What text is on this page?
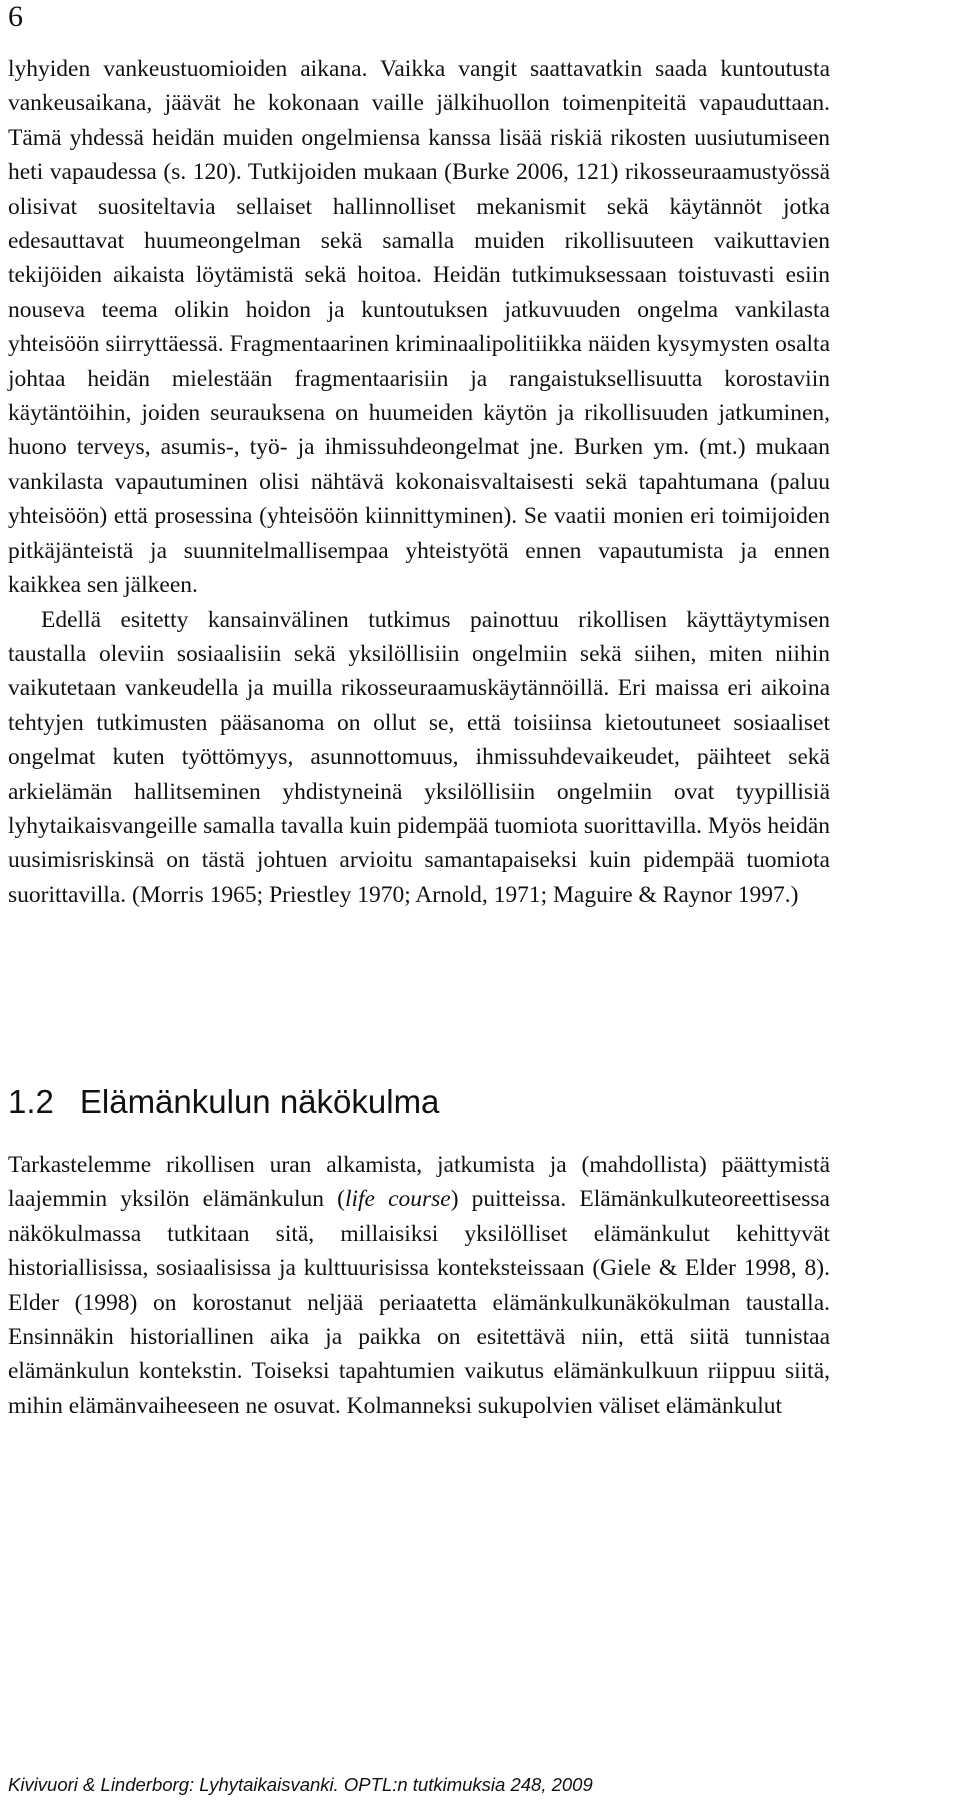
6

lyhyiden vankeustuomioiden aikana. Vaikka vangit saattavatkin saada kuntoutusta vankeusaikana, jäävät he kokonaan vaille jälkihuollon toimenpiteitä vapauduttaan. Tämä yhdessä heidän muiden ongelmiensa kanssa lisää riskiä rikosten uusiutumiseen heti vapaudessa (s. 120). Tutkijoiden mukaan (Burke 2006, 121) rikosseuraamustyössä olisivat suositeltavia sellaiset hallinnolliset mekanismit sekä käytännöt jotka edesauttavat huumeongelman sekä samalla muiden rikollisuuteen vaikuttavien tekijöiden aikaista löytämistä sekä hoitoa. Heidän tutkimuksessaan toistuvasti esiin nouseva teema olikin hoidon ja kuntoutuksen jatkuvuuden ongelma vankilasta yhteisöön siirryttäessä. Fragmentaarinen kriminaalipolitiikka näiden kysymysten osalta johtaa heidän mielestään fragmentaarisiin ja rangaistuksellisuutta korostaviin käytäntöihin, joiden seurauksena on huumeiden käytön ja rikollisuuden jatkuminen, huono terveys, asumis-, työ- ja ihmissuhdeongelmat jne. Burken ym. (mt.) mukaan vankilasta vapautuminen olisi nähtävä kokonaisvaltaisesti sekä tapahtumana (paluu yhteisöön) että prosessina (yhteisöön kiinnittyminen). Se vaatii monien eri toimijoiden pitkäjänteistä ja suunnitelmallisempaa yhteistyötä ennen vapautumista ja ennen kaikkea sen jälkeen.

Edellä esitetty kansainvälinen tutkimus painottuu rikollisen käyttäytymisen taustalla oleviin sosiaalisiin sekä yksilöllisiin ongelmiin sekä siihen, miten niihin vaikutetaan vankeudella ja muilla rikosseuraamuskäytännöillä. Eri maissa eri aikoina tehtyjen tutkimusten pääsanoma on ollut se, että toisiinsa kietoutuneet sosiaaliset ongelmat kuten työttömyys, asunnottomuus, ihmissuhdevaikeudet, päihteet sekä arkielämän hallitseminen yhdistyneinä yksilöllisiin ongelmiin ovat tyypillisiä lyhytaikaisvangeille samalla tavalla kuin pidempää tuomiota suorittavilla. Myös heidän uusimisriskinsä on tästä johtuen arvioitu samantapaiseksi kuin pidempää tuomiota suorittavilla. (Morris 1965; Priestley 1970; Arnold, 1971; Maguire & Raynor 1997.)

1.2 Elämänkulun näkökulma

Tarkastelemme rikollisen uran alkamista, jatkumista ja (mahdollista) päättymistä laajemmin yksilön elämänkulun (life course) puitteissa. Elämänkulkuteoreettisessa näkökulmassa tutkitaan sitä, millaisiksi yksilölliset elämänkulut kehittyvät historiallisissa, sosiaalisissa ja kulttuurisissa konteksteissaan (Giele & Elder 1998, 8). Elder (1998) on korostanut neljää periaatetta elämänkulkunäkökulman taustalla. Ensinnäkin historiallinen aika ja paikka on esitettävä niin, että siitä tunnistaa elämänkulun kontekstin. Toiseksi tapahtumien vaikutus elämänkulkuun riippuu siitä, mihin elämänvaiheeseen ne osuvat. Kolmanneksi sukupolvien väliset elämänkulut

Kivivuori & Linderborg: Lyhytaikaisvanki. OPTL:n tutkimuksia 248, 2009
